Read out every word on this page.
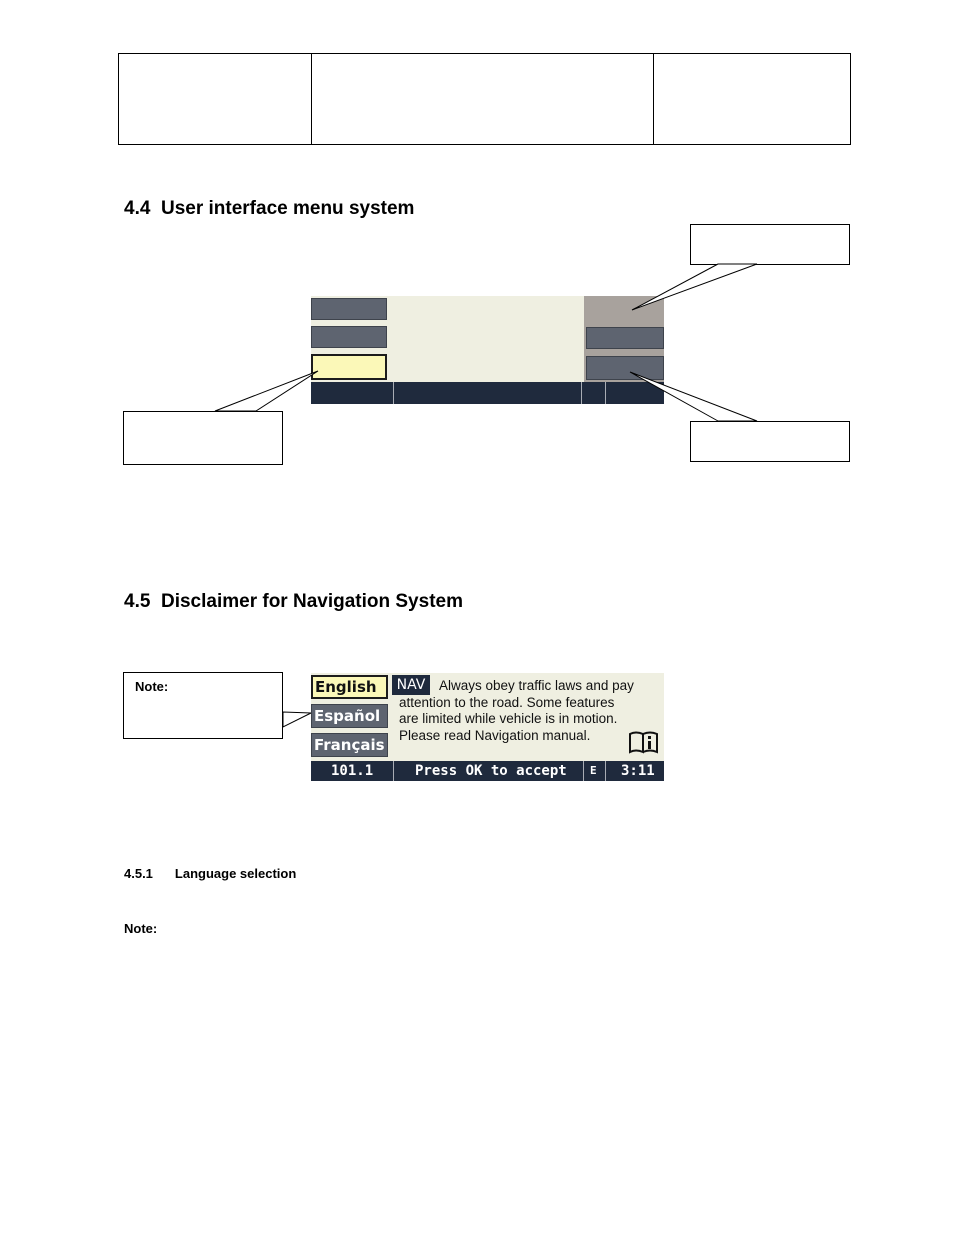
4.4 User interface menu system
4.5 Disclaimer for Navigation System
Note:	English
Español
Français
NAV	Always obey traffic laws and pay
attention to the road. Some features
are limited while vehicle is in motion.
Please read Navigation manual.
101.1	Press OK to accept E 3:11
4.5.1 Language selection
Note:
